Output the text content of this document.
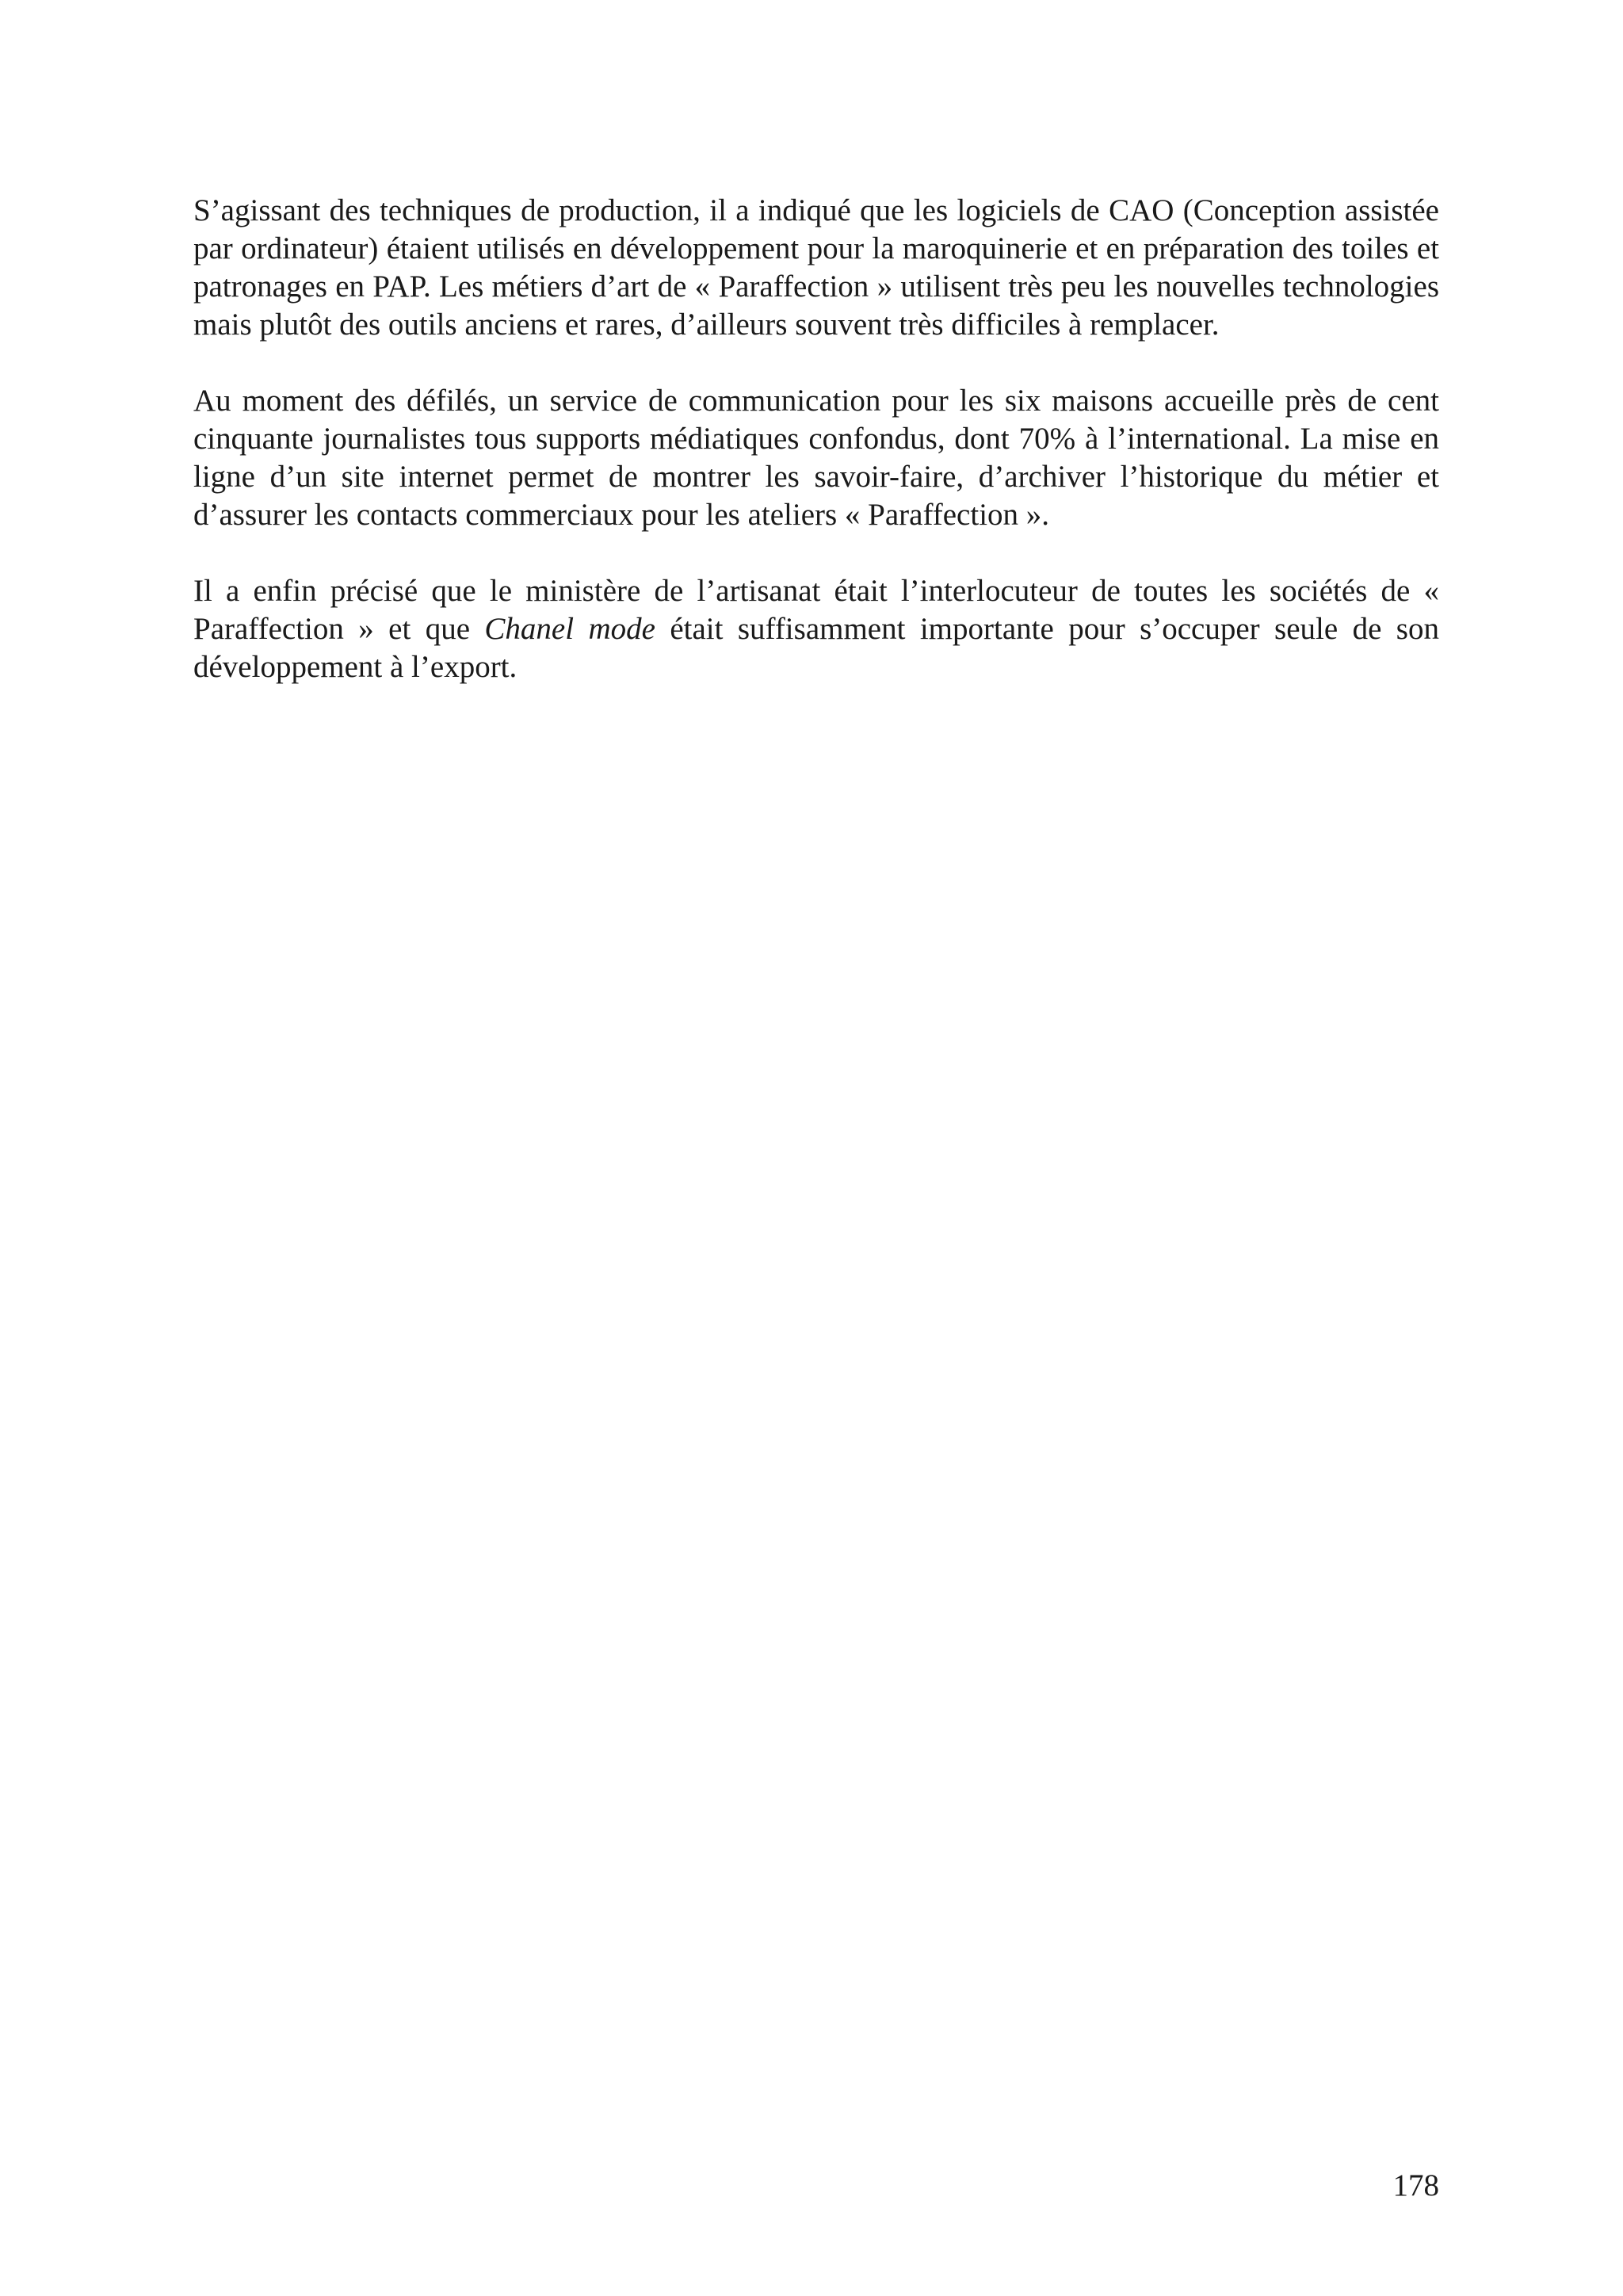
S’agissant des techniques de production, il a indiqué que les logiciels de CAO (Conception assistée par ordinateur) étaient utilisés en développement pour la maroquinerie et en préparation des toiles et patronages en PAP. Les métiers d’art de « Paraffection » utilisent très peu les nouvelles technologies mais plutôt des outils anciens et rares, d’ailleurs souvent très difficiles à remplacer.

Au moment des défilés, un service de communication pour les six maisons accueille près de cent cinquante journalistes tous supports médiatiques confondus, dont 70% à l’international. La mise en ligne d’un site internet permet de montrer les savoir-faire, d’archiver l’historique du métier et d’assurer les contacts commerciaux pour les ateliers « Paraffection ».

Il a enfin précisé que le ministère de l’artisanat était l’interlocuteur de toutes les sociétés de « Paraffection » et que Chanel mode était suffisamment importante pour s’occuper seule de son développement à l’export.

178
